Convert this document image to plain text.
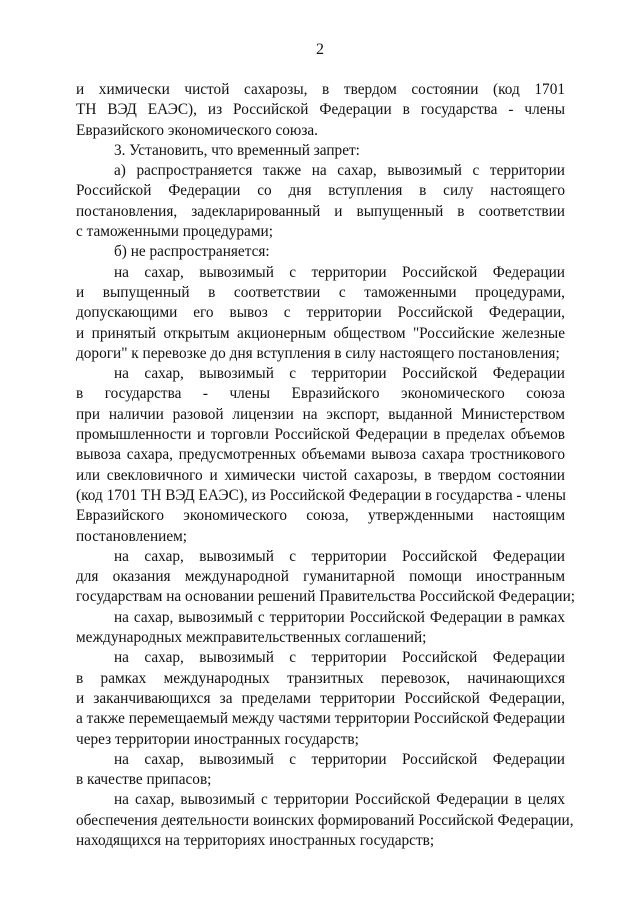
2
и химически чистой сахарозы, в твердом состоянии (код 1701
ТН ВЭД ЕАЭС), из Российской Федерации в государства - члены
Евразийского экономического союза.
3. Установить, что временный запрет:
а) распространяется также на сахар, вывозимый с территории
Российской Федерации со дня вступления в силу настоящего
постановления, задекларированный и выпущенный в соответствии
с таможенными процедурами;
б) не распространяется:
на сахар, вывозимый с территории Российской Федерации
и выпущенный в соответствии с таможенными процедурами,
допускающими его вывоз с территории Российской Федерации,
и принятый открытым акционерным обществом "Российские железные
дороги" к перевозке до дня вступления в силу настоящего постановления;
на сахар, вывозимый с территории Российской Федерации
в государства - члены Евразийского экономического союза
при наличии разовой лицензии на экспорт, выданной Министерством
промышленности и торговли Российской Федерации в пределах объемов
вывоза сахара, предусмотренных объемами вывоза сахара тростникового
или свекловичного и химически чистой сахарозы, в твердом состоянии
(код 1701 ТН ВЭД ЕАЭС), из Российской Федерации в государства - члены
Евразийского экономического союза, утвержденными настоящим
постановлением;
на сахар, вывозимый с территории Российской Федерации
для оказания международной гуманитарной помощи иностранным
государствам на основании решений Правительства Российской Федерации;
на сахар, вывозимый с территории Российской Федерации в рамках
международных межправительственных соглашений;
на сахар, вывозимый с территории Российской Федерации
в рамках международных транзитных перевозок, начинающихся
и заканчивающихся за пределами территории Российской Федерации,
а также перемещаемый между частями территории Российской Федерации
через территории иностранных государств;
на сахар, вывозимый с территории Российской Федерации
в качестве припасов;
на сахар, вывозимый с территории Российской Федерации в целях
обеспечения деятельности воинских формирований Российской Федерации,
находящихся на территориях иностранных государств;
